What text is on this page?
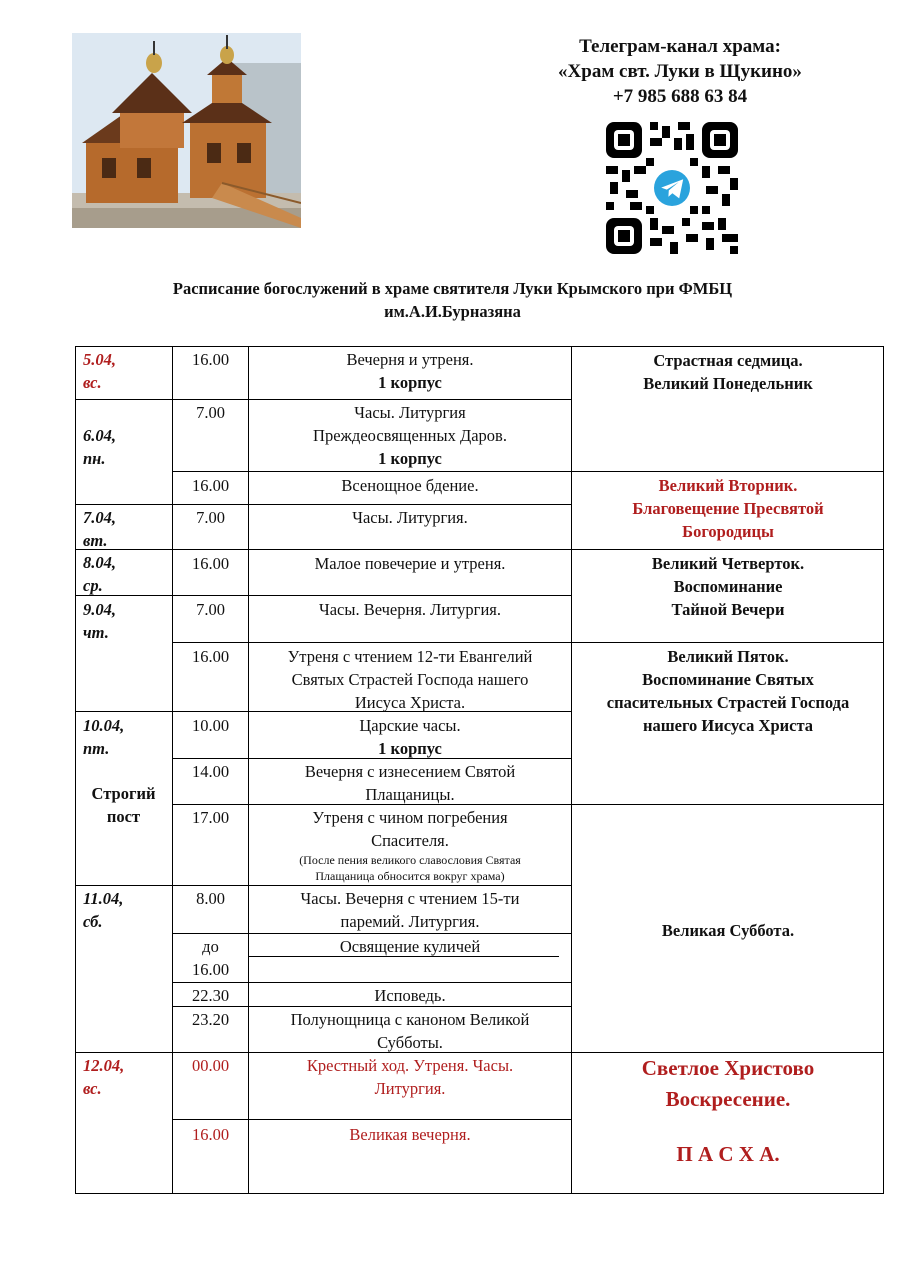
Телеграм-канал храма:
«Храм свт. Луки в Щукино»
+7 985 688 63 84
Расписание богослужений в храме святителя Луки Крымского при ФМБЦ
им.А.И.Бурназяна
5.04,
вс.
6.04,
пн.
7.04,
вт.
8.04,
ср.
9.04,
чт.
10.04,
пт.
Строгий
пост
11.04,
сб.
12.04,
вс.
16.00
7.00
16.00
7.00
16.00
7.00
16.00
10.00
14.00
17.00
8.00
до
16.00
22.30
23.20
00.00
16.00
Вечерня и утреня.
1 корпус
Часы. Литургия
Преждеосвященных Даров.
1 корпус
Всенощное бдение.
Часы. Литургия.
Малое повечерие и утреня.
Часы. Вечерня. Литургия.
Утреня с чтением 12-ти Евангелий
Святых Страстей Господа нашего
Иисуса Христа.
Царские часы.
1 корпус
Вечерня с изнесением Святой
Плащаницы.
Утреня с чином погребения
Спасителя.
(После пения великого славословия Святая
Плащаница обносится вокруг храма)
Часы. Вечерня с чтением 15-ти
паремий. Литургия.
Освящение куличей
Исповедь.
Полунощница с каноном Великой
Субботы.
Крестный ход. Утреня. Часы.
Литургия.
Великая вечерня.
Страстная седмица.
Великий Понедельник
Великий Вторник.
Благовещение Пресвятой
Богородицы
Великий Четверток.
Воспоминание
Тайной Вечери
Великий Пяток.
Воспоминание Святых
спасительных Страстей Господа
нашего Иисуса Христа
Великая Суббота.
Светлое Христово
Воскресение.
П А С Х А.
